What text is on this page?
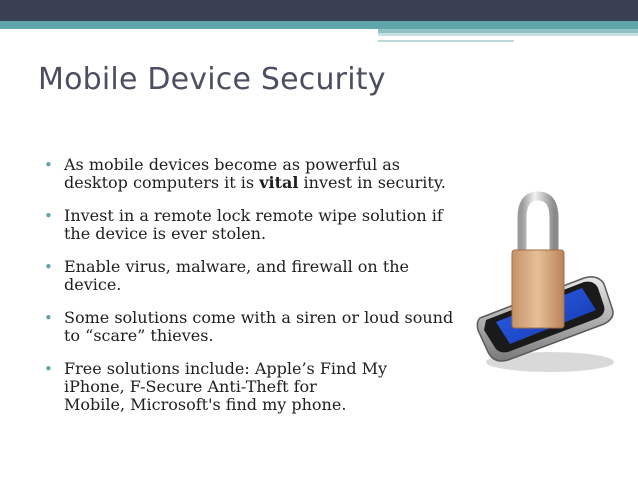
Mobile Device Security
• As mobile devices become as powerful as
desktop computers it is vital invest in security.
• Invest in a remote lock remote wipe solution if
the device is ever stolen.
• Enable virus, malware, and firewall on the
device.
• Some solutions come with a siren or loud sound
to “scare” thieves.
• Free solutions include: Apple’s Find My
iPhone, F-Secure Anti-Theft for
Mobile, Microsoft's find my phone.
